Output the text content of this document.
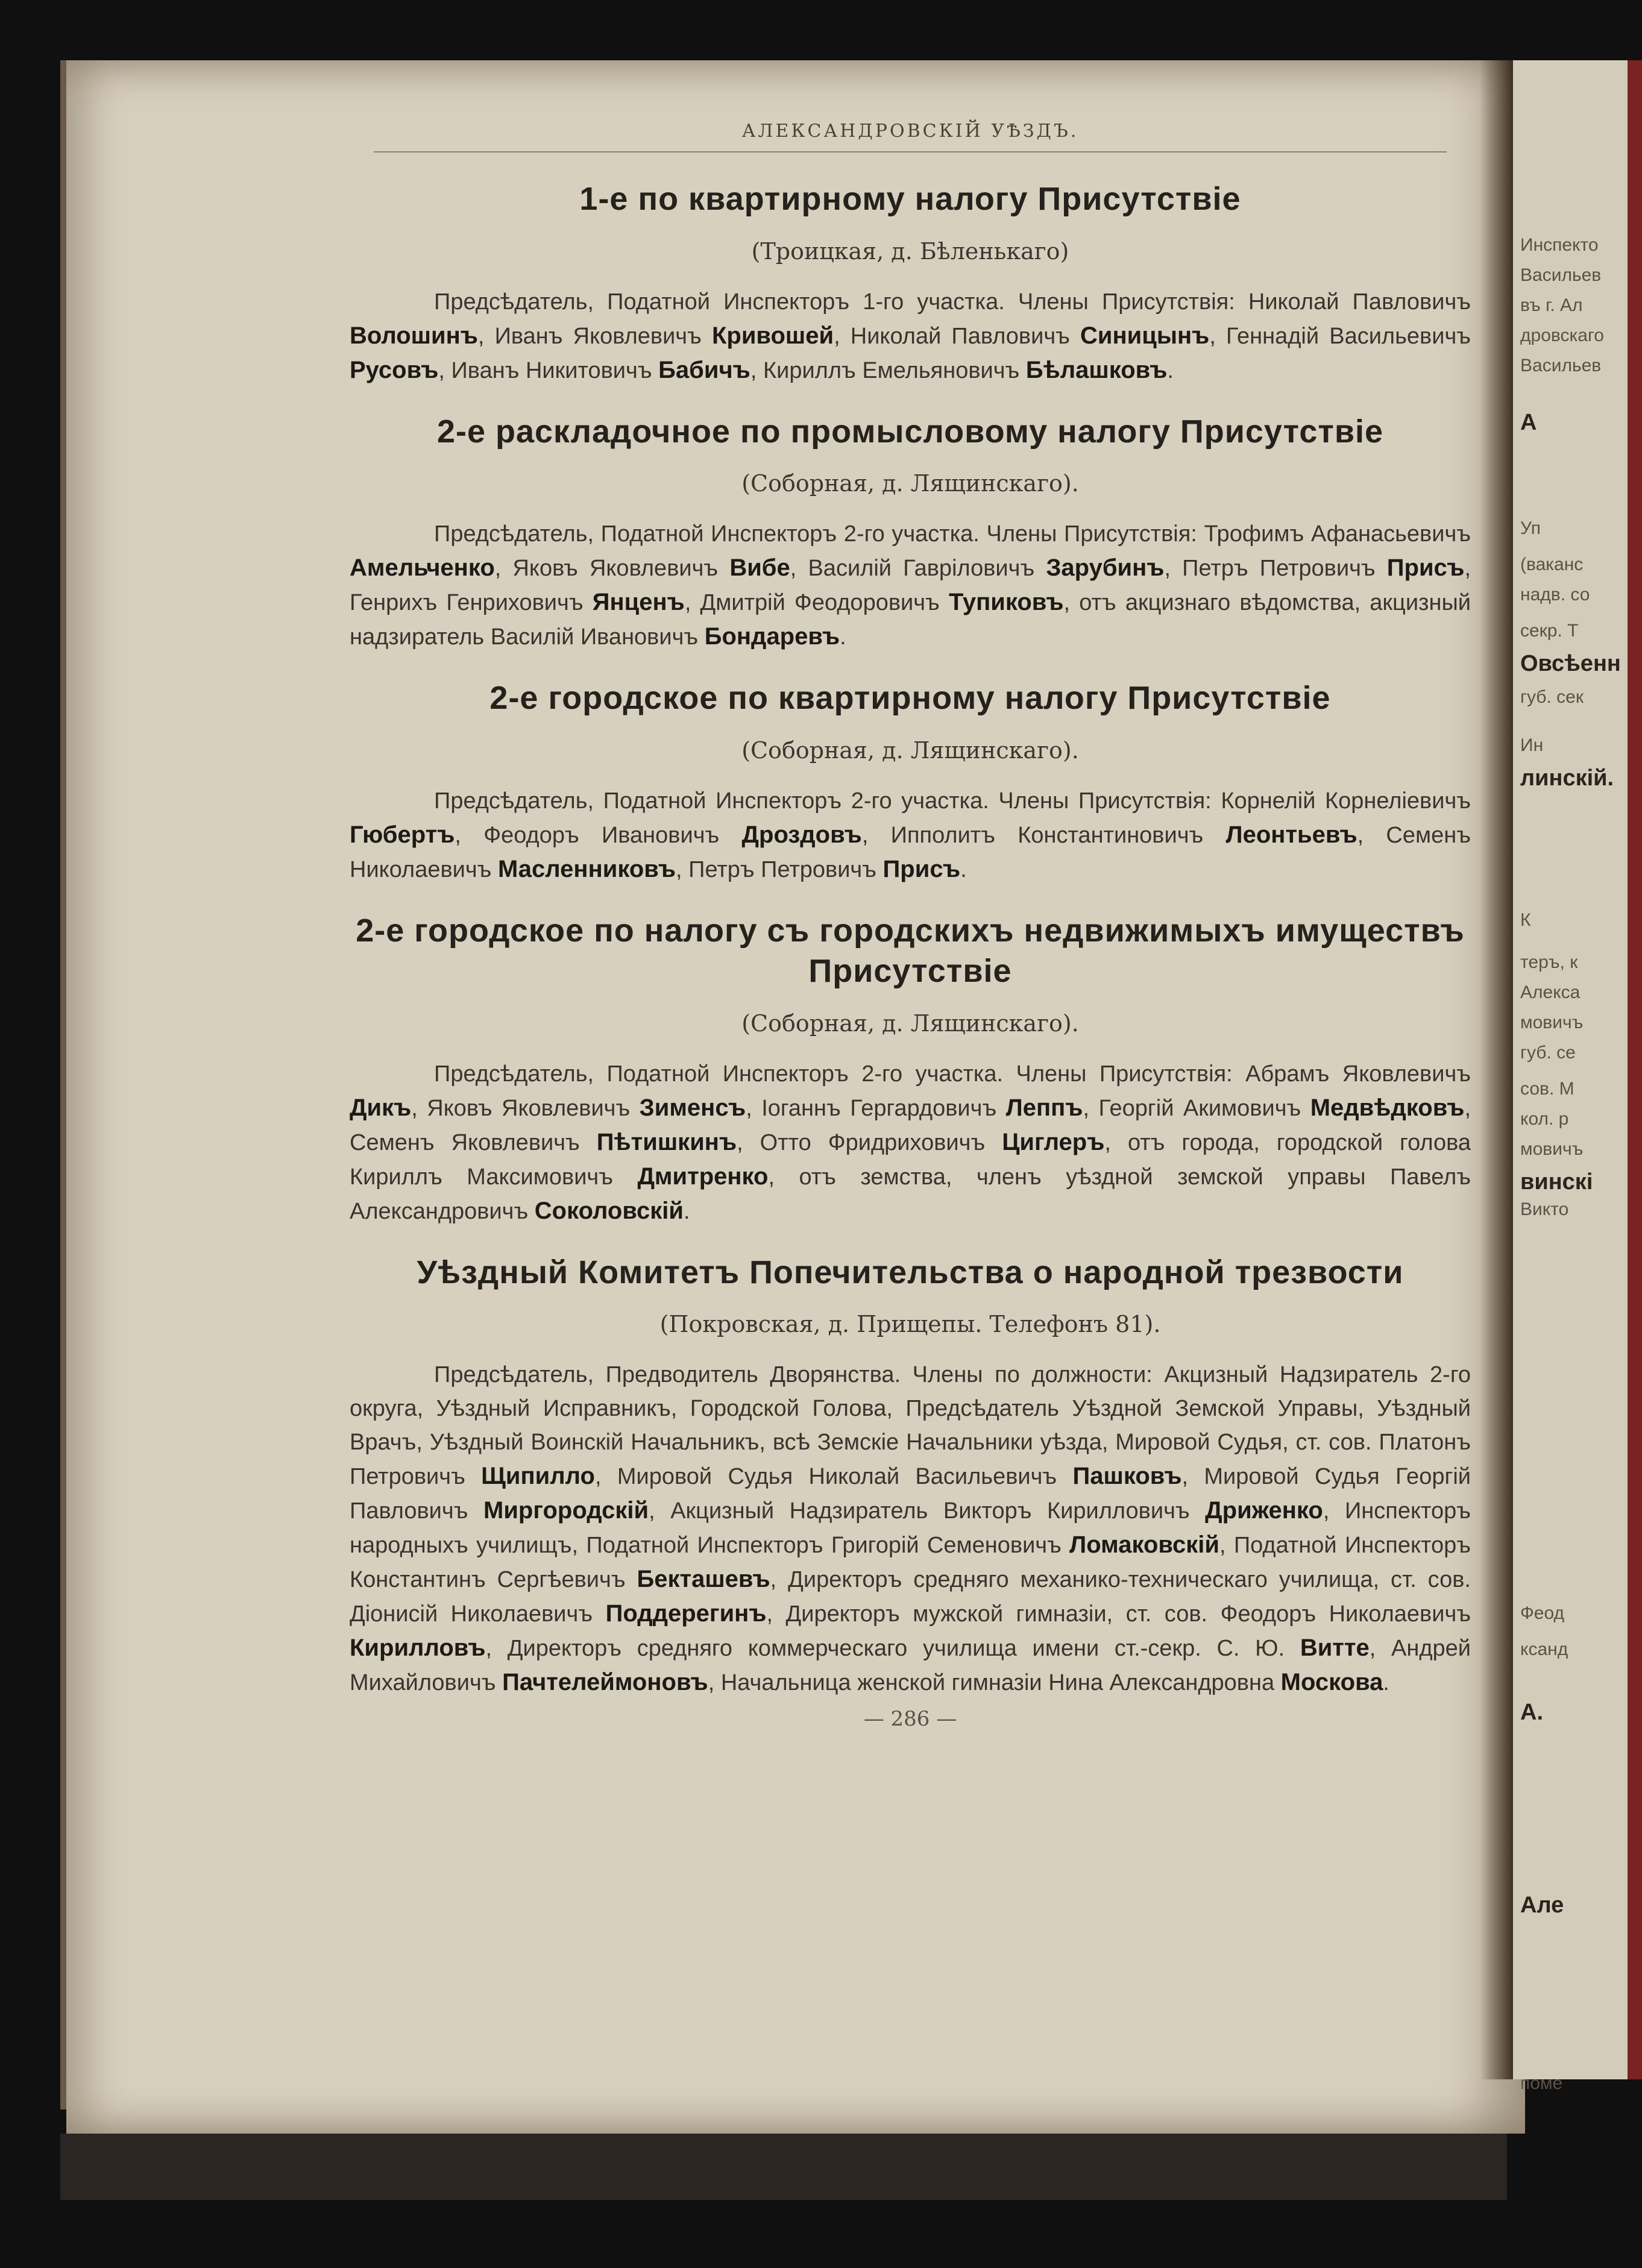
Инспекто
Васильев
въ г. Ал
дровскаго
Васильев
А
Уп
(ваканс
надв. со
секр. Т
Овсѣенн
губ. сек
Ин
линскій.
К
теръ, к
Алекса
мовичъ
губ. се
сов. М
кол. р
мовичъ
винскі
Викто
Феод
ксанд
А.
Але
поме
АЛЕКСАНДРОВСКІЙ УѢЗДЪ.
1-е по квартирному налогу Присутствіе
(Троицкая, д. Бѣленькаго)

Предсѣдатель, Податной Инспекторъ 1-го участка. Члены Присутствія: Николай Павловичъ Волошинъ, Иванъ Яковлевичъ Кривошей, Николай Павловичъ Синицынъ, Геннадій Васильевичъ Русовъ, Иванъ Никитовичъ Бабичъ, Кириллъ Емельяновичъ Бѣлашковъ.

2-е раскладочное по промысловому налогу Присутствіе
(Соборная, д. Лящинскаго).

Предсѣдатель, Податной Инспекторъ 2-го участка. Члены Присутствія: Трофимъ Афанасьевичъ Амельченко, Яковъ Яковлевичъ Вибе, Василій Гавріловичъ Зарубинъ, Петръ Петровичъ Присъ, Генрихъ Генриховичъ Янценъ, Дмитрій Феодоровичъ Тупиковъ, отъ акцизнаго вѣдомства, акцизный надзиратель Василій Ивановичъ Бондаревъ.

2-е городское по квартирному налогу Присутствіе
(Соборная, д. Лящинскаго).

Предсѣдатель, Податной Инспекторъ 2-го участка. Члены Присутствія: Корнелій Корнеліевичъ Гюбертъ, Феодоръ Ивановичъ Дроздовъ, Ипполитъ Константиновичъ Леонтьевъ, Семенъ Николаевичъ Масленниковъ, Петръ Петровичъ Присъ.

2-е городское по налогу съ городскихъ недвижимыхъ имуществъ Присутствіе
(Соборная, д. Лящинскаго).

Предсѣдатель, Податной Инспекторъ 2-го участка. Члены Присутствія: Абрамъ Яковлевичъ Дикъ, Яковъ Яковлевичъ Зименсъ, Іоганнъ Гергардовичъ Леппъ, Георгій Акимовичъ Медвѣдковъ, Семенъ Яковлевичъ Пѣтишкинъ, Отто Фридриховичъ Циглеръ, отъ города, городской голова Кириллъ Максимовичъ Дмитренко, отъ земства, членъ уѣздной земской управы Павелъ Александровичъ Соколовскій.

Уѣздный Комитетъ Попечительства о народной трезвости
(Покровская, д. Прищепы. Телефонъ 81).

Предсѣдатель, Предводитель Дворянства. Члены по должности: Акцизный Надзиратель 2-го округа, Уѣздный Исправникъ, Городской Голова, Предсѣдатель Уѣздной Земской Управы, Уѣздный Врачъ, Уѣздный Воинскій Начальникъ, всѣ Земскіе Начальники уѣзда, Мировой Судья, ст. сов. Платонъ Петровичъ Щипилло, Мировой Судья Николай Васильевичъ Пашковъ, Мировой Судья Георгій Павловичъ Миргородскій, Акцизный Надзиратель Викторъ Кирилловичъ Дриженко, Инспекторъ народныхъ училищъ, Податной Инспекторъ Григорій Семеновичъ Ломаковскій, Податной Инспекторъ Константинъ Сергѣевичъ Бекташевъ, Директоръ средняго механико-техническаго училища, ст. сов. Діонисій Николаевичъ Поддерегинъ, Директоръ мужской гимназіи, ст. сов. Феодоръ Николаевичъ Кирилловъ, Директоръ средняго коммерческаго училища имени ст.-секр. С. Ю. Витте, Андрей Михайловичъ Пачтелеймоновъ, Начальница женской гимназіи Нина Александровна Москова.

— 286 —
